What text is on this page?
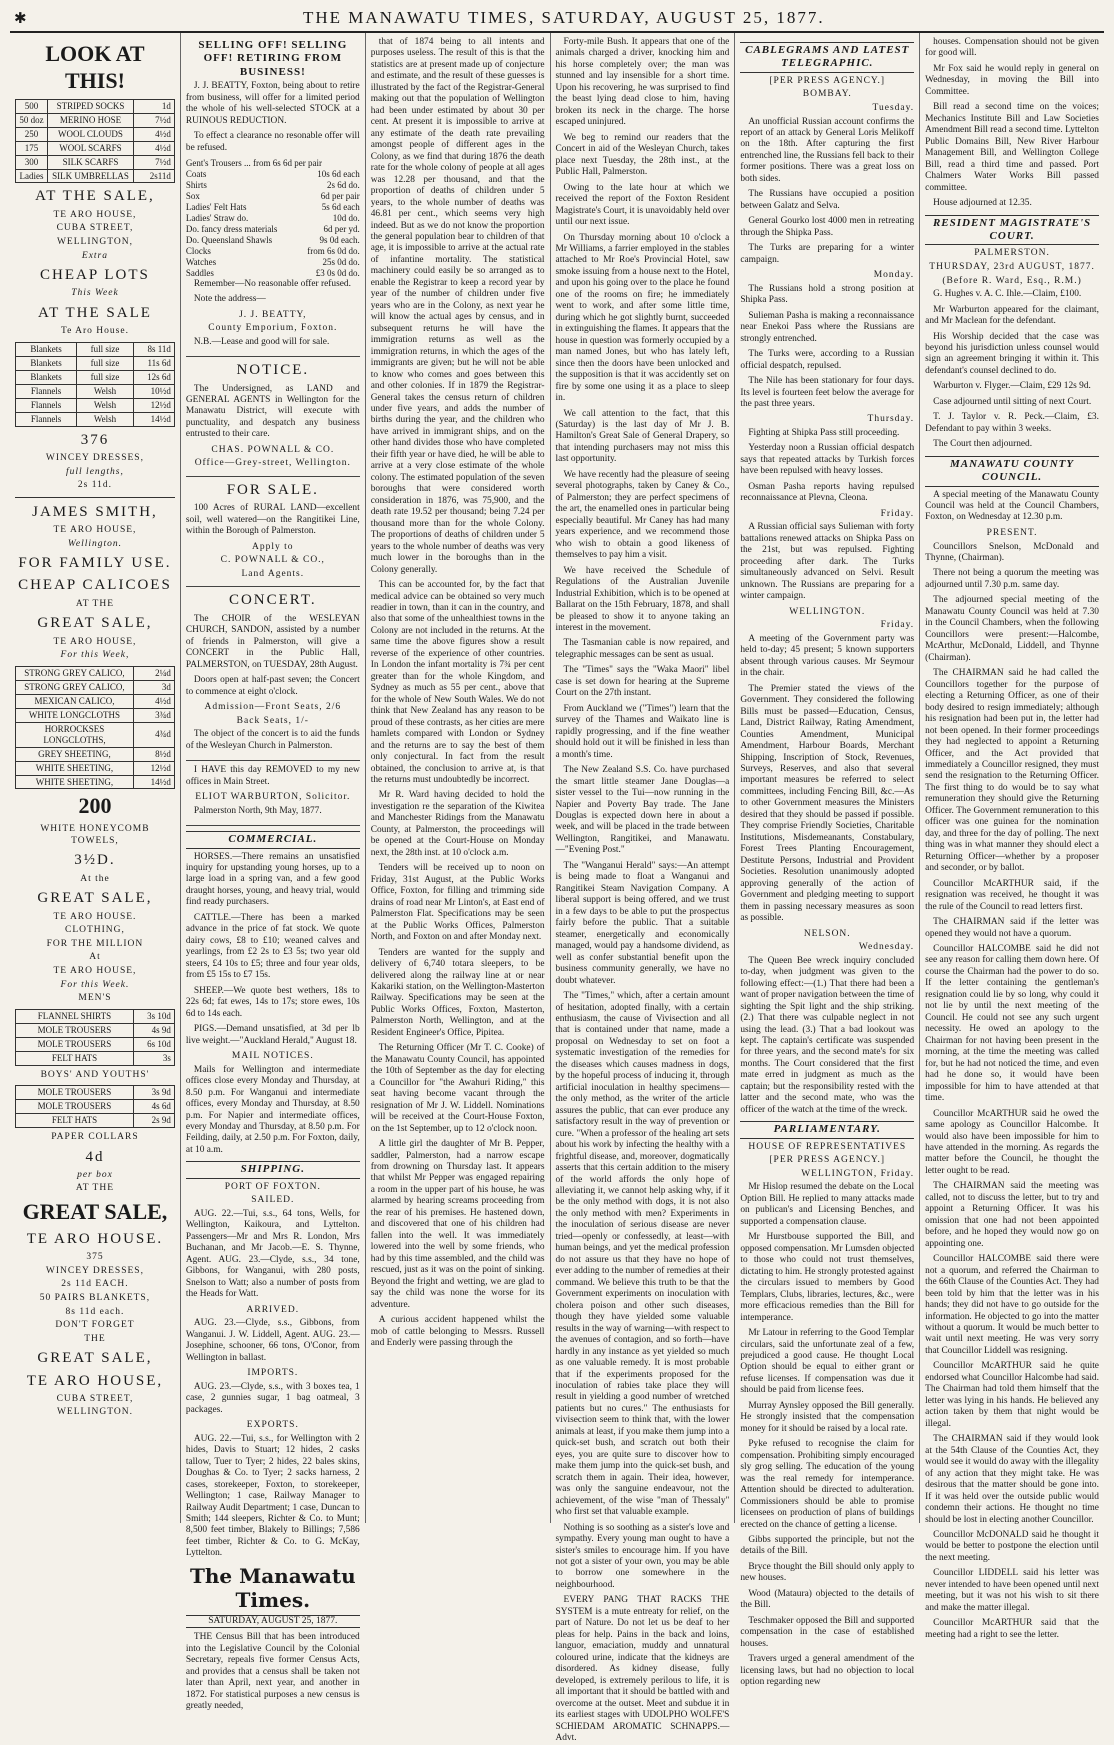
✱	THE MANAWATU TIMES, SATURDAY, AUGUST 25, 1877.
LOOK AT THIS!
500	STRIPED SOCKS	1d
50 doz	MERINO HOSE	7½d
250	WOOL CLOUDS	4½d
175	WOOL SCARFS	4½d
300	SILK SCARFS	7½d
Ladies	SILK UMBRELLAS	2s11d
AT THE SALE,
TE ARO HOUSE,
CUBA STREET,
WELLINGTON,
Extra
CHEAP LOTS
This Week
AT THE SALE
Te Aro House.
Blankets	full size	8s 11d
Blankets	full size	11s 6d
Blankets	full size	12s 6d
Flannels	Welsh	10½d
Flannels	Welsh	12½d
Flannels	Welsh	14½d
376
WINCEY DRESSES,
full lengths,
2s 11d.
JAMES SMITH,
TE ARO HOUSE,
Wellington.
FOR FAMILY USE.
CHEAP CALICOES
AT THE
GREAT SALE,
TE ARO HOUSE,
For this Week,
STRONG GREY CALICO,	2¼d
STRONG GREY CALICO,	3d
MEXICAN CALICO,	4½d
WHITE LONGCLOTHS	3¾d
HORROCKSES LONGCLOTHS,	4¾d
GREY SHEETING,	8½d
WHITE SHEETING,	12½d
WHITE SHEETING,	14½d
200
WHITE HONEYCOMB TOWELS,
3½D.
At the
GREAT SALE,
TE ARO HOUSE.
CLOTHING,
FOR THE MILLION
At
TE ARO HOUSE,
For this Week.
MEN'S
FLANNEL SHIRTS	3s 10d
MOLE TROUSERS	4s 9d
MOLE TROUSERS	6s 10d
FELT HATS	3s
BOYS' AND YOUTHS'
MOLE TROUSERS	3s 9d
MOLE TROUSERS	4s 6d
FELT HATS	2s 9d
PAPER COLLARS
4d
per box
AT THE
GREAT SALE,
TE ARO HOUSE.
375
WINCEY DRESSES,
2s 11d EACH.
50 PAIRS BLANKETS,
8s 11d each.
DON'T FORGET
THE
GREAT SALE,
TE ARO HOUSE,
CUBA STREET,
WELLINGTON.
SELLING OFF! SELLING OFF! RETIRING FROM BUSINESS!

J. J. BEATTY, Foxton, being about to retire from business, will offer for a limited period the whole of his well-selected STOCK at a RUINOUS REDUCTION.

To effect a clearance no resonable offer will be refused.

Gent's Trousers ... from 6s 6d per pair
Coats	10s 6d each
Shirts	2s 6d do.
Sox	6d per pair
Ladies' Felt Hats	5s 6d each
Ladies' Straw do.	10d do.
Do. fancy dress materials	6d per yd.
Do. Queensland Shawls	9s 0d each.
Clocks	from 6s 0d do.
Watches	25s 0d do.
Saddles	£3 0s 0d do.

Remember—No reasonable offer refused.

Note the address—

J. J. BEATTY,
County Emporium, Foxton.

N.B.—Lease and good will for sale.

NOTICE.

The Undersigned, as LAND and GENERAL AGENTS in Wellington for the Manawatu District, will execute with punctuality, and despatch any business entrusted to their care.

CHAS. POWNALL & CO.
Office—Grey-street, Wellington.
FOR SALE.

100 Acres of RURAL LAND—excellent soil, well watered—on the Rangitikei Line, within the Borough of Palmerston.

Apply to
C. POWNALL & CO.,
Land Agents.
CONCERT.

The CHOIR of the WESLEYAN CHURCH, SANDON, assisted by a number of friends in Palmerston, will give a CONCERT in the Public Hall, PALMERSTON, on TUESDAY, 28th August.

Doors open at half-past seven; the Concert to commence at eight o'clock.

Admission—Front Seats, 2/6
Back Seats, 1/-

The object of the concert is to aid the funds of the Wesleyan Church in Palmerston.

I HAVE this day REMOVED to my new offices in Main Street.

ELIOT WARBURTON, Solicitor.

Palmerston North, 9th May, 1877.

COMMERCIAL.

HORSES.—There remains an unsatisfied inquiry for upstanding young horses, up to a large load in a spring van, and a few good draught horses, young, and heavy trial, would find ready purchasers.

CATTLE.—There has been a marked advance in the price of fat stock. We quote dairy cows, £8 to £10; weaned calves and yearlings, from £2 2s to £3 5s; two year old steers, £4 10s to £5; three and four year olds, from £5 15s to £7 15s.

SHEEP.—We quote best wethers, 18s to 22s 6d; fat ewes, 14s to 17s; store ewes, 10s 6d to 14s each.

PIGS.—Demand unsatisfied, at 3d per lb live weight.—"Auckland Herald," August 18.

MAIL NOTICES.

Mails for Wellington and intermediate offices close every Monday and Thursday, at 8.50 p.m. For Wanganui and intermediate offices, every Monday and Thursday, at 8.50 p.m. For Napier and intermediate offices, every Monday and Thursday, at 8.50 p.m. For Feilding, daily, at 2.50 p.m. For Foxton, daily, at 10 a.m.

SHIPPING.
PORT OF FOXTON.
SAILED.

AUG. 22.—Tui, s.s., 64 tons, Wells, for Wellington, Kaikoura, and Lyttelton. Passengers—Mr and Mrs R. London, Mrs Buchanan, and Mr Jacob.—E. S. Thynne, Agent. AUG. 23.—Clyde, s.s., 34 tone, Gibbons, for Wanganui, with 280 posts, Snelson to Watt; also a number of posts from the Heads for Watt.

ARRIVED.

AUG. 23.—Clyde, s.s., Gibbons, from Wanganui. J. W. Liddell, Agent. AUG. 23.—Josephine, schooner, 66 tons, O'Conor, from Wellington in ballast.

IMPORTS.

AUG. 23.—Clyde, s.s., with 3 boxes tea, 1 case, 2 gunnies sugar, 1 bag oatmeal, 3 packages.

EXPORTS.

AUG. 22.—Tui, s.s., for Wellington with 2 hides, Davis to Stuart; 12 hides, 2 casks tallow, Tuer to Tyer; 2 hides, 22 bales skins, Doughas & Co. to Tyer; 2 sacks harness, 2 cases, storekeeper, Foxton, to storekeeper, Wellington; 1 case, Railway Manager to Railway Audit Department; 1 case, Duncan to Smith; 144 sleepers, Richter & Co. to Munt; 8,500 feet timber, Blakely to Billings; 7,586 feet timber, Richter & Co. to G. McKay, Lyttelton.

The Manawatu Times.
SATURDAY, AUGUST 25, 1877.

THE Census Bill that has been introduced into the Legislative Council by the Colonial Secretary, repeals five former Census Acts, and provides that a census shall be taken not later than April, next year, and another in 1872. For statistical purposes a new census is greatly needed,

that of 1874 being to all intents and purposes useless. The result of this is that the statistics are at present made up of conjecture and estimate, and the result of these guesses is illustrated by the fact of the Registrar-General making out that the population of Wellington had been under estimated by about 30 per cent. At present it is impossible to arrive at any estimate of the death rate prevailing amongst people of different ages in the Colony, as we find that during 1876 the death rate for the whole colony of people at all ages was 12.28 per thousand, and that the proportion of deaths of children under 5 years, to the whole number of deaths was 46.81 per cent., which seems very high indeed. But as we do not know the proportion the general population bear to children of that age, it is impossible to arrive at the actual rate of infantine mortality. The statistical machinery could easily be so arranged as to enable the Registrar to keep a record year by year of the number of children under five years who are in the Colony, as next year he will know the actual ages by census, and in subsequent returns he will have the immigration returns as well as the immigration returns, in which the ages of the immigrants are given; but he will not be able to know who comes and goes between this and other colonies. If in 1879 the Registrar-General takes the census return of children under five years, and adds the number of births during the year, and the children who have arrived in immigrant ships, and on the other hand divides those who have completed their fifth year or have died, he will be able to arrive at a very close estimate of the whole colony. The estimated population of the seven boroughs that were considered worth consideration in 1876, was 75,900, and the death rate 19.52 per thousand; being 7.24 per thousand more than for the whole Colony. The proportions of deaths of children under 5 years to the whole number of deaths was very much lower in the boroughs than in the Colony generally.

This can be accounted for, by the fact that medical advice can be obtained so very much readier in town, than it can in the country, and also that some of the unhealthiest towns in the Colony are not included in the returns. At the same time the above figures show a result reverse of the experience of other countries. In London the infant mortality is 7¾ per cent greater than for the whole Kingdom, and Sydney as much as 55 per cent., above that for the whole of New South Wales. We do not think that New Zealand has any reason to be proud of these contrasts, as her cities are mere hamlets compared with London or Sydney and the returns are to say the best of them only conjectural. In fact from the result obtained, the conclusion to arrive at, is that the returns must undoubtedly be incorrect.

Mr R. Ward having decided to hold the investigation re the separation of the Kiwitea and Manchester Ridings from the Manawatu County, at Palmerston, the proceedings will be opened at the Court-House on Monday next, the 28th inst. at 10 o'clock a.m.

Tenders will be received up to noon on Friday, 31st August, at the Public Works Office, Foxton, for filling and trimming side drains of road near Mr Linton's, at East end of Palmerston Flat. Specifications may be seen at the Public Works Offices, Palmerston North, and Foxton on and after Monday next.

Tenders are wanted for the supply and delivery of 6,740 totara sleepers, to be delivered along the railway line at or near Kakariki station, on the Wellington-Masterton Railway. Specifications may be seen at the Public Works Offices, Foxton, Masterton, Palmerston North, Wellington, and at the Resident Engineer's Office, Pipitea.

The Returning Officer (Mr T. C. Cooke) of the Manawatu County Council, has appointed the 10th of September as the day for electing a Councillor for "the Awahuri Riding," this seat having become vacant through the resignation of Mr J. W. Liddell. Nominations will be received at the Court-House Foxton, on the 1st September, up to 12 o'clock noon.

A little girl the daughter of Mr B. Pepper, saddler, Palmerston, had a narrow escape from drowning on Thursday last. It appears that whilst Mr Pepper was engaged repairing a room in the upper part of his house, he was alarmed by hearing screams proceeding from the rear of his premises. He hastened down, and discovered that one of his children had fallen into the well. It was immediately lowered into the well by some friends, who had by this time assembled, and the child was rescued, just as it was on the point of sinking. Beyond the fright and wetting, we are glad to say the child was none the worse for its adventure.

A curious accident happened whilst the mob of cattle belonging to Messrs. Russell and Enderly were passing through the

Forty-mile Bush. It appears that one of the animals charged a driver, knocking him and his horse completely over; the man was stunned and lay insensible for a short time. Upon his recovering, he was surprised to find the beast lying dead close to him, having broken its neck in the charge. The horse escaped uninjured.

We beg to remind our readers that the Concert in aid of the Wesleyan Church, takes place next Tuesday, the 28th inst., at the Public Hall, Palmerston.

Owing to the late hour at which we received the report of the Foxton Resident Magistrate's Court, it is unavoidably held over until our next issue.

On Thursday morning about 10 o'clock a Mr Williams, a farrier employed in the stables attached to Mr Roe's Provincial Hotel, saw smoke issuing from a house next to the Hotel, and upon his going over to the place he found one of the rooms on fire; he immediately went to work, and after some little time, during which he got slightly burnt, succeeded in extinguishing the flames. It appears that the house in question was formerly occupied by a man named Jones, but who has lately left, since then the doors have been unlocked and the supposition is that it was accidently set on fire by some one using it as a place to sleep in.

We call attention to the fact, that this (Saturday) is the last day of Mr J. B. Hamilton's Great Sale of General Drapery, so that intending purchasers may not miss this last opportunity.

We have recently had the pleasure of seeing several photographs, taken by Caney & Co., of Palmerston; they are perfect specimens of the art, the enamelled ones in particular being especially beautiful. Mr Caney has had many years experience, and we recommend those who wish to obtain a good likeness of themselves to pay him a visit.

We have received the Schedule of Regulations of the Australian Juvenile Industrial Exhibition, which is to be opened at Ballarat on the 15th February, 1878, and shall be pleased to show it to anyone taking an interest in the movement.

The Tasmanian cable is now repaired, and telegraphic messages can be sent as usual.

The "Times" says the "Waka Maori" libel case is set down for hearing at the Supreme Court on the 27th instant.

From Auckland we ("Times") learn that the survey of the Thames and Waikato line is rapidly progressing, and if the fine weather should hold out it will be finished in less than a month's time.

The New Zealand S.S. Co. have purchased the smart little steamer Jane Douglas—a sister vessel to the Tui—now running in the Napier and Poverty Bay trade. The Jane Douglas is expected down here in about a week, and will be placed in the trade between Wellington, Rangitikei, and Manawatu.—"Evening Post."

The "Wanganui Herald" says:—An attempt is being made to float a Wanganui and Rangitikei Steam Navigation Company. A liberal support is being offered, and we trust in a few days to be able to put the prospectus fairly before the public. That a suitable steamer, energetically and economically managed, would pay a handsome dividend, as well as confer substantial benefit upon the business community generally, we have no doubt whatever.

The "Times," which, after a certain amount of hesitation, adopted finally, with a certain enthusiasm, the cause of Vivisection and all that is contained under that name, made a proposal on Wednesday to set on foot a systematic investigation of the remedies for the diseases which causes madness in dogs, by the hopeful process of inducing it, through artificial inoculation in healthy specimens—the only method, as the writer of the article assures the public, that can ever produce any satisfactory result in the way of prevention or cure. "When a professor of the healing art sets about his work by infecting the healthy with a frightful disease, and, moreover, dogmatically asserts that this certain addition to the misery of the world affords the only hope of alleviating it, we cannot help asking why, if it be the only method with dogs, it is not also the only method with men? Experiments in the inoculation of serious disease are never tried—openly or confessedly, at least—with human beings, and yet the medical profession do not assure us that they have no hope of ever adding to the number of remedies at their command. We believe this truth to be that the Government experiments on inoculation with cholera poison and other such diseases, though they have yielded some valuable results in the way of warning—with respect to the avenues of contagion, and so forth—have hardly in any instance as yet yielded so much as one valuable remedy. It is most probable that if the experiments proposed for the inoculation of rabies take place they will result in yielding a good number of wretched patients but no cures." The enthusiasts for vivisection seem to think that, with the lower animals at least, if you make them jump into a quick-set bush, and scratch out both their eyes, you are quite sure to discover how to make them jump into the quick-set bush, and scratch them in again. Their idea, however, was only the sanguine endeavour, not the achievement, of the wise "man of Thessaly" who first set that valuable example.

Nothing is so soothing as a sister's love and sympathy. Every young man ought to have a sister's smiles to encourage him. If you have not got a sister of your own, you may be able to borrow one somewhere in the neighbourhood.

EVERY PANG THAT RACKS THE SYSTEM is a mute entreaty for relief, on the part of Nature. Do not let us be deaf to her pleas for help. Pains in the back and loins, languor, emaciation, muddy and unnatural coloured urine, indicate that the kidneys are disordered. As kidney disease, fully developed, is extremely perilous to life, it is all important that it should be battled with and overcome at the outset. Meet and subdue it in its earliest stages with UDOLPHO WOLFE'S SCHIEDAM AROMATIC SCHNAPPS.—Advt.

CABLEGRAMS AND LATEST TELEGRAPHIC.
[PER PRESS AGENCY.]
BOMBAY.
Tuesday.

An unofficial Russian account confirms the report of an attack by General Loris Melikoff on the 18th. After capturing the first entrenched line, the Russians fell back to their former positions. There was a great loss on both sides.

The Russians have occupied a position between Galatz and Selva.

General Gourko lost 4000 men in retreating through the Shipka Pass.

The Turks are preparing for a winter campaign.

Monday.

The Russians hold a strong position at Shipka Pass.

Sulieman Pasha is making a reconnaissance near Enekoi Pass where the Russians are strongly entrenched.

The Turks were, according to a Russian official despatch, repulsed.

The Nile has been stationary for four days. Its level is fourteen feet below the average for the past three years.

Thursday.

Fighting at Shipka Pass still proceeding.

Yesterday noon a Russian official despatch says that repeated attacks by Turkish forces have been repulsed with heavy losses.

Osman Pasha reports having repulsed reconnaissance at Plevna, Cleona.

Friday.

A Russian official says Sulieman with forty battalions renewed attacks on Shipka Pass on the 21st, but was repulsed. Fighting proceeding after dark. The Turks simultaneously advanced on Selvi. Result unknown. The Russians are preparing for a winter campaign.

WELLINGTON.
Friday.

A meeting of the Government party was held to-day; 45 present; 5 known supporters absent through various causes. Mr Seymour in the chair.

The Premier stated the views of the Government. They considered the following Bills must be passed—Education, Census, Land, District Railway, Rating Amendment, Counties Amendment, Municipal Amendment, Harbour Boards, Merchant Shipping, Inscription of Stock, Revenues, Surveys, Reserves, and also that several important measures be referred to select committees, including Fencing Bill, &c.—As to other Government measures the Ministers desired that they should be passed if possible. They comprise Friendly Societies, Charitable Institutions, Misdemeanants, Constabulary, Forest Trees Planting Encouragement, Destitute Persons, Industrial and Provident Societies. Resolution unanimously adopted approving generally of the action of Government and pledging meeting to support them in passing necessary measures as soon as possible.

NELSON.
Wednesday.

The Queen Bee wreck inquiry concluded to-day, when judgment was given to the following effect:—(1.) That there had been a want of proper navigation between the time of sighting the Spit light and the ship striking. (2.) That there was culpable neglect in not using the lead. (3.) That a bad lookout was kept. The captain's certificate was suspended for three years, and the second mate's for six months. The Court considered that the first mate erred in judgment as much as the captain; but the responsibility rested with the latter and the second mate, who was the officer of the watch at the time of the wreck.

PARLIAMENTARY.
HOUSE OF REPRESENTATIVES
[PER PRESS AGENCY.]
WELLINGTON, Friday.

Mr Hislop resumed the debate on the Local Option Bill. He replied to many attacks made on publican's and Licensing Benches, and supported a compensation clause.

Mr Hurstbouse supported the Bill, and opposed compensation. Mr Lumsden objected to those who could not trust themselves, dictating to him. He strongly protested against the circulars issued to members by Good Templars, Clubs, libraries, lectures, &c., were more efficacious remedies than the Bill for intemperance.

Mr Latour in referring to the Good Templar circulars, said the unfortunate zeal of a few, prejudiced a good cause. He thought Local Option should be equal to either grant or refuse licenses. If compensation was due it should be paid from license fees.

Murray Aynsley opposed the Bill generally. He strongly insisted that the compensation money for it should be raised by a local rate.

Pyke refused to recognise the claim for compensation. Prohibiting simply encouraged sly grog selling. The education of the young was the real remedy for intemperance. Attention should be directed to adulteration. Commissioners should be able to promise licensees on production of plans of buildings erected on the chance of getting a license.

Gibbs supported the principle, but not the details of the Bill.

Bryce thought the Bill should only apply to new houses.

Wood (Mataura) objected to the details of the Bill.

Teschmaker opposed the Bill and supported compensation in the case of established houses.

Travers urged a general amendment of the licensing laws, but had no objection to local option regarding new

houses. Compensation should not be given for good will.

Mr Fox said he would reply in general on Wednesday, in moving the Bill into Committee.

Bill read a second time on the voices; Mechanics Institute Bill and Law Societies Amendment Bill read a second time. Lyttelton Public Domains Bill, New River Harbour Management Bill, and Wellington College Bill, read a third time and passed. Port Chalmers Water Works Bill passed committee.

House adjourned at 12.35.

RESIDENT MAGISTRATE'S COURT.
PALMERSTON.
THURSDAY, 23rd AUGUST, 1877.
(Before R. Ward, Esq., R.M.)

G. Hughes v. A. C. Ihle.—Claim, £100.

Mr Warburton appeared for the claimant, and Mr Maclean for the defendant.

His Worship decided that the case was beyond his jurisdiction unless counsel would sign an agreement bringing it within it. This defendant's counsel declined to do.

Warburton v. Flyger.—Claim, £29 12s 9d.

Case adjourned until sitting of next Court.

T. J. Taylor v. R. Peck.—Claim, £3. Defendant to pay within 3 weeks.

The Court then adjourned.

MANAWATU COUNTY COUNCIL.

A special meeting of the Manawatu County Council was held at the Council Chambers, Foxton, on Wednesday at 12.30 p.m.

PRESENT.

Councillors Snelson, McDonald and Thynne, (Chairman).

There not being a quorum the meeting was adjourned until 7.30 p.m. same day.

The adjourned special meeting of the Manawatu County Council was held at 7.30 in the Council Chambers, when the following Councillors were present:—Halcombe, McArthur, McDonald, Liddell, and Thynne (Chairman).

The CHAIRMAN said he had called the Councillors together for the purpose of electing a Returning Officer, as one of their body desired to resign immediately; although his resignation had been put in, the letter had not been opened. In their former proceedings they had neglected to appoint a Returning Officer, and the Act provided that immediately a Councillor resigned, they must send the resignation to the Returning Officer. The first thing to do would be to say what remuneration they should give the Returning Officer. The Government remuneration to this officer was one guinea for the nomination day, and three for the day of polling. The next thing was in what manner they should elect a Returning Officer—whether by a proposer and seconder, or by ballot.

Councillor McARTHUR said, if the resignation was received, he thought it was the rule of the Council to read letters first.

The CHAIRMAN said if the letter was opened they would not have a quorum.

Councillor HALCOMBE said he did not see any reason for calling them down here. Of course the Chairman had the power to do so. If the letter containing the gentleman's resignation could lie by so long, why could it not lie by until the next meeting of the Council. He could not see any such urgent necessity. He owed an apology to the Chairman for not having been present in the morning, at the time the meeting was called for, but he had not noticed the time, and even had he done so, it would have been impossible for him to have attended at that time.

Councillor McARTHUR said he owed the same apology as Councillor Halcombe. It would also have been impossible for him to have attended in the morning. As regards the matter before the Council, he thought the letter ought to be read.

The CHAIRMAN said the meeting was called, not to discuss the letter, but to try and appoint a Returning Officer. It was his omission that one had not been appointed before, and he hoped they would now go on appointing one.

Councillor HALCOMBE said there were not a quorum, and referred the Chairman to the 66th Clause of the Counties Act. They had been told by him that the letter was in his hands; they did not have to go outside for the information. He objected to go into the matter without a quorum. It would be much better to wait until next meeting. He was very sorry that Councillor Liddell was resigning.

Councillor McARTHUR said he quite endorsed what Councillor Halcombe had said. The Chairman had told them himself that the letter was lying in his hands. He believed any action taken by them that night would be illegal.

The CHAIRMAN said if they would look at the 54th Clause of the Counties Act, they would see it would do away with the illegality of any action that they might take. He was desirous that the matter should be gone into. If it was held over the outside public would condemn their actions. He thought no time should be lost in electing another Councillor.

Councillor McDONALD said he thought it would be better to postpone the election until the next meeting.

Councillor LIDDELL said his letter was never intended to have been opened until next meeting, but it was not his wish to sit there and make the matter illegal.

Councillor McARTHUR said that the meeting had a right to see the letter.
